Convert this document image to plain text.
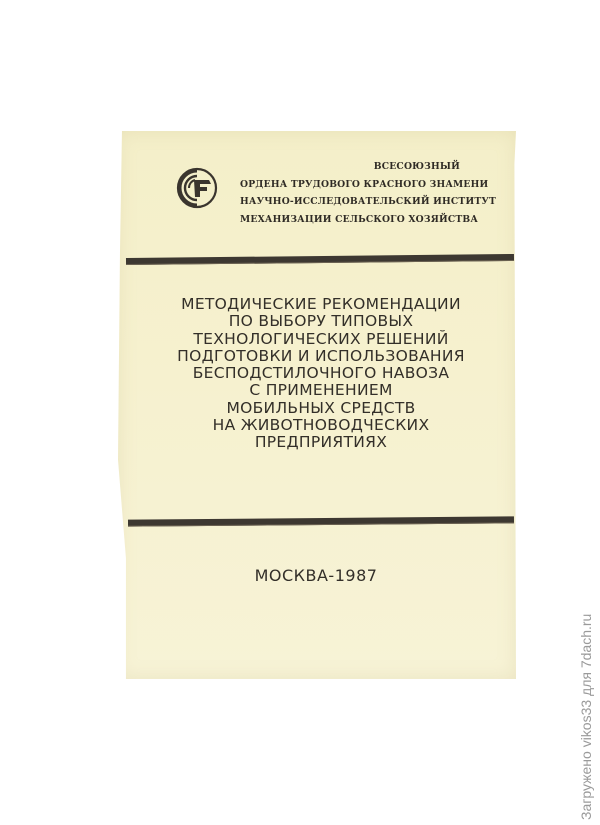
ВСЕСОЮЗНЫЙ
ОРДЕНА ТРУДОВОГО КРАСНОГО ЗНАМЕНИ
НАУЧНО-ИССЛЕДОВАТЕЛЬСКИЙ ИНСТИТУТ
МЕХАНИЗАЦИИ СЕЛЬСКОГО ХОЗЯЙСТВА
МЕТОДИЧЕСКИЕ РЕКОМЕНДАЦИИ
ПО ВЫБОРУ ТИПОВЫХ
ТЕХНОЛОГИЧЕСКИХ РЕШЕНИЙ
ПОДГОТОВКИ И ИСПОЛЬЗОВАНИЯ
БЕСПОДСТИЛОЧНОГО НАВОЗА
С ПРИМЕНЕНИЕМ
МОБИЛЬНЫХ СРЕДСТВ
НА ЖИВОТНОВОДЧЕСКИХ
ПРЕДПРИЯТИЯХ
МОСКВА-1987
Загружено vikos33 для 7dach.ru
